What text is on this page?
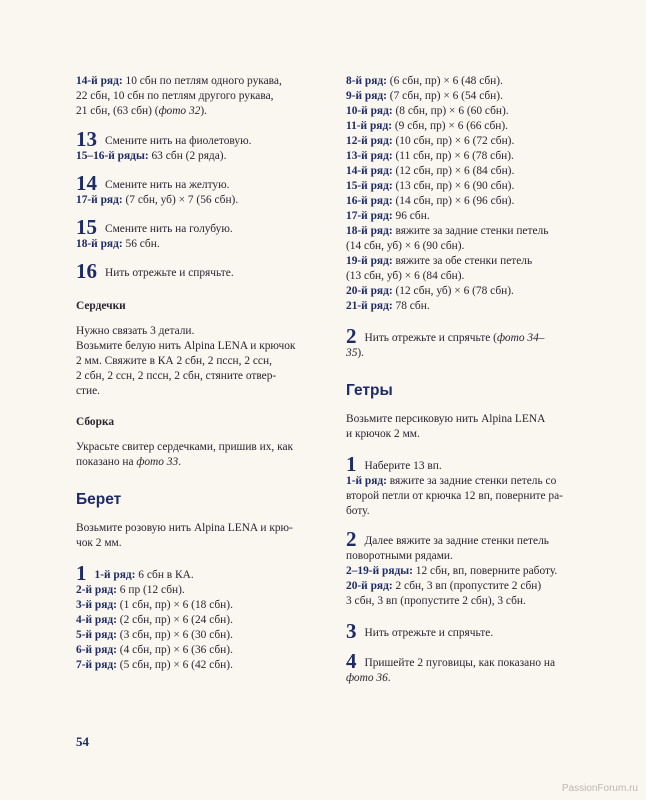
14-й ряд: 10 сбн по петлям одного рукава,
22 сбн, 10 сбн по петлям другого рукава,
21 сбн, (63 сбн) (фото 32).
13 Смените нить на фиолетовую.
15–16-й ряды: 63 сбн (2 ряда).
14 Смените нить на желтую.
17-й ряд: (7 сбн, уб) × 7 (56 сбн).
15 Смените нить на голубую.
18-й ряд: 56 сбн.
16 Нить отрежьте и спрячьте.
Сердечки
Нужно связать 3 детали.
Возьмите белую нить Alpina LENA и крючок
2 мм. Свяжите в КА 2 сбн, 2 пссн, 2 ссн,
2 сбн, 2 ссн, 2 пссн, 2 сбн, стяните отвер-
стие.
Сборка
Украсьте свитер сердечками, пришив их, как
показано на фото 33.
Берет
Возьмите розовую нить Alpina LENA и крю-
чок 2 мм.
1 1-й ряд: 6 сбн в КА.
2-й ряд: 6 пр (12 сбн).
3-й ряд: (1 сбн, пр) × 6 (18 сбн).
4-й ряд: (2 сбн, пр) × 6 (24 сбн).
5-й ряд: (3 сбн, пр) × 6 (30 сбн).
6-й ряд: (4 сбн, пр) × 6 (36 сбн).
7-й ряд: (5 сбн, пр) × 6 (42 сбн).
8-й ряд: (6 сбн, пр) × 6 (48 сбн).
9-й ряд: (7 сбн, пр) × 6 (54 сбн).
10-й ряд: (8 сбн, пр) × 6 (60 сбн).
11-й ряд: (9 сбн, пр) × 6 (66 сбн).
12-й ряд: (10 сбн, пр) × 6 (72 сбн).
13-й ряд: (11 сбн, пр) × 6 (78 сбн).
14-й ряд: (12 сбн, пр) × 6 (84 сбн).
15-й ряд: (13 сбн, пр) × 6 (90 сбн).
16-й ряд: (14 сбн, пр) × 6 (96 сбн).
17-й ряд: 96 сбн.
18-й ряд: вяжите за задние стенки петель
(14 сбн, уб) × 6 (90 сбн).
19-й ряд: вяжите за обе стенки петель
(13 сбн, уб) × 6 (84 сбн).
20-й ряд: (12 сбн, уб) × 6 (78 сбн).
21-й ряд: 78 сбн.
2 Нить отрежьте и спрячьте (фото 34–
35).
Гетры
Возьмите персиковую нить Alpina LENA
и крючок 2 мм.
1 Наберите 13 вп.
1-й ряд: вяжите за задние стенки петель со
второй петли от крючка 12 вп, поверните ра-
боту.
2 Далее вяжите за задние стенки петель
поворотными рядами.
2–19-й ряды: 12 сбн, вп, поверните работу.
20-й ряд: 2 сбн, 3 вп (пропустите 2 сбн)
3 сбн, 3 вп (пропустите 2 сбн), 3 сбн.
3 Нить отрежьте и спрячьте.
4 Пришейте 2 пуговицы, как показано на
фото 36.
54
PassionForum.ru
